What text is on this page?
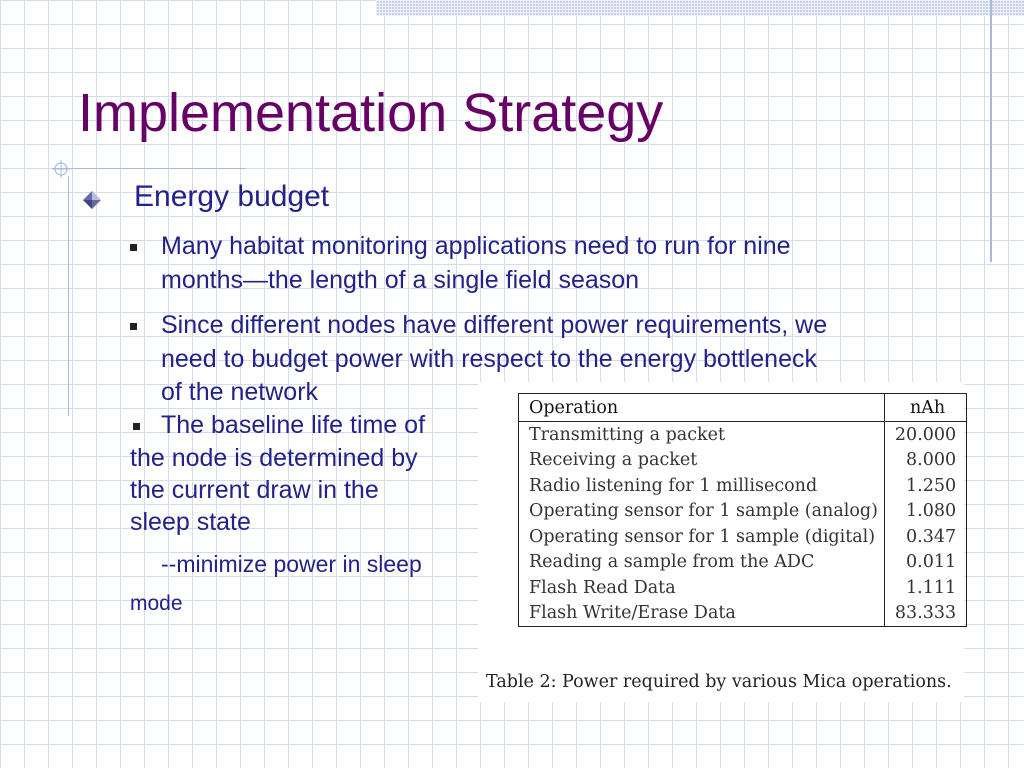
Implementation Strategy
Energy budget
Many habitat monitoring applications need to run for nine
months—the length of a single field season
Since different nodes have different power requirements, we
need to budget power with respect to the energy bottleneck
of the network
The baseline life time of
the node is determined by
the current draw in the
sleep state
--minimize power in sleep
mode
Operation	nAh
Transmitting a packet	20.000
Receiving a packet	8.000
Radio listening for 1 millisecond	1.250
Operating sensor for 1 sample (analog)	1.080
Operating sensor for 1 sample (digital)	0.347
Reading a sample from the ADC	0.011
Flash Read Data	1.111
Flash Write/Erase Data	83.333
Table 2: Power required by various Mica operations.
